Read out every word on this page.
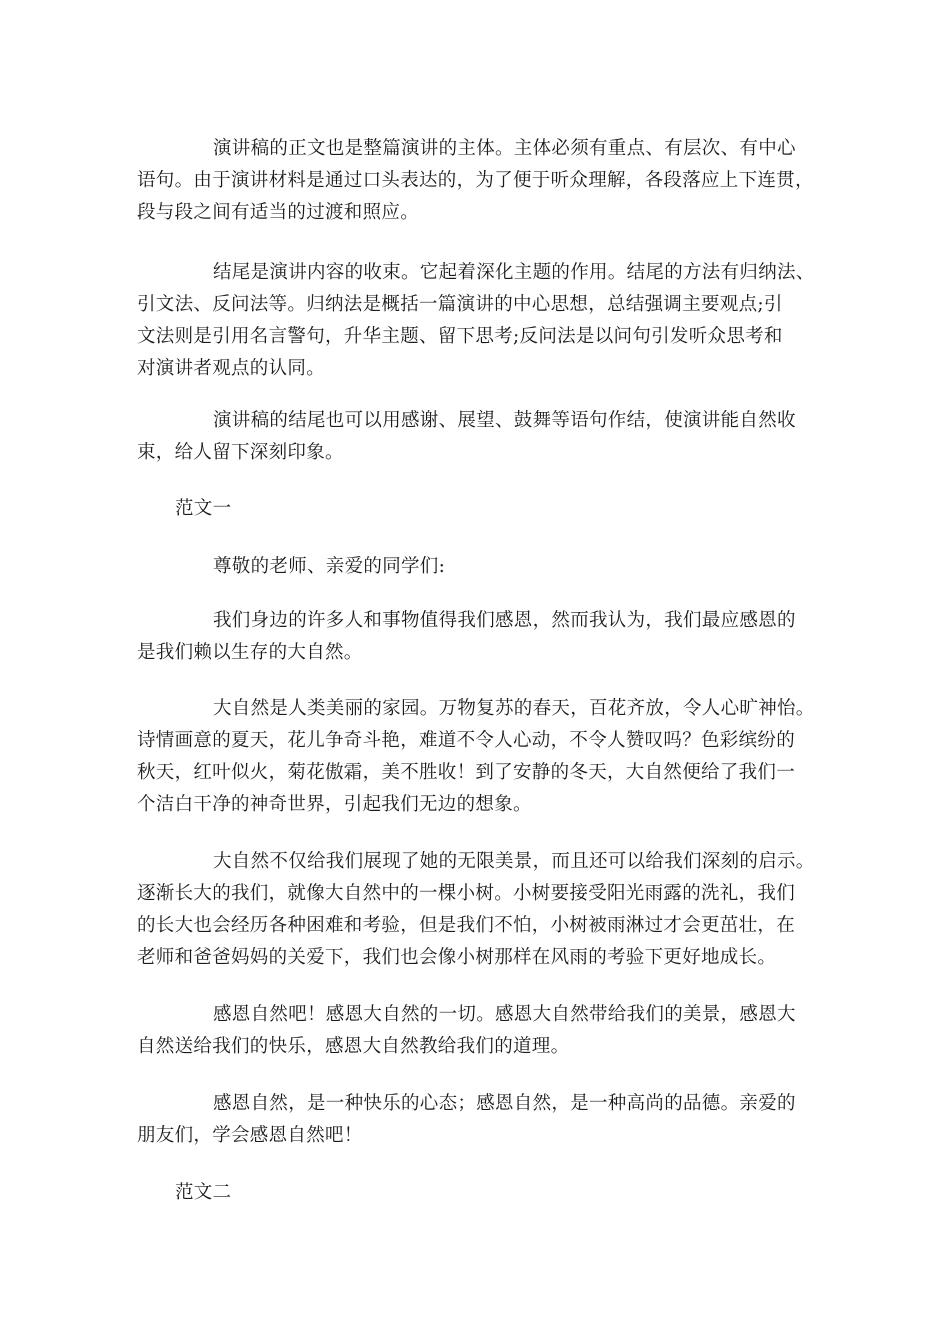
演讲稿的正文也是整篇演讲的主体。主体必须有重点、有层次、有中心
语句。由于演讲材料是通过口头表达的，为了便于听众理解，各段落应上下连贯，
段与段之间有适当的过渡和照应。
结尾是演讲内容的收束。它起着深化主题的作用。结尾的方法有归纳法、
引文法、反问法等。归纳法是概括一篇演讲的中心思想，总结强调主要观点;引
文法则是引用名言警句，升华主题、留下思考;反问法是以问句引发听众思考和
对演讲者观点的认同。
演讲稿的结尾也可以用感谢、展望、鼓舞等语句作结，使演讲能自然收
束，给人留下深刻印象。
范文一
尊敬的老师、亲爱的同学们:
我们身边的许多人和事物值得我们感恩，然而我认为，我们最应感恩的
是我们赖以生存的大自然。
大自然是人类美丽的家园。万物复苏的春天，百花齐放，令人心旷神怡。
诗情画意的夏天，花儿争奇斗艳，难道不令人心动，不令人赞叹吗？色彩缤纷的
秋天，红叶似火，菊花傲霜，美不胜收！到了安静的冬天，大自然便给了我们一
个洁白干净的神奇世界，引起我们无边的想象。
大自然不仅给我们展现了她的无限美景，而且还可以给我们深刻的启示。
逐渐长大的我们，就像大自然中的一棵小树。小树要接受阳光雨露的洗礼，我们
的长大也会经历各种困难和考验，但是我们不怕，小树被雨淋过才会更茁壮，在
老师和爸爸妈妈的关爱下，我们也会像小树那样在风雨的考验下更好地成长。
感恩自然吧！感恩大自然的一切。感恩大自然带给我们的美景，感恩大
自然送给我们的快乐，感恩大自然教给我们的道理。
感恩自然，是一种快乐的心态；感恩自然，是一种高尚的品德。亲爱的
朋友们，学会感恩自然吧！
范文二
